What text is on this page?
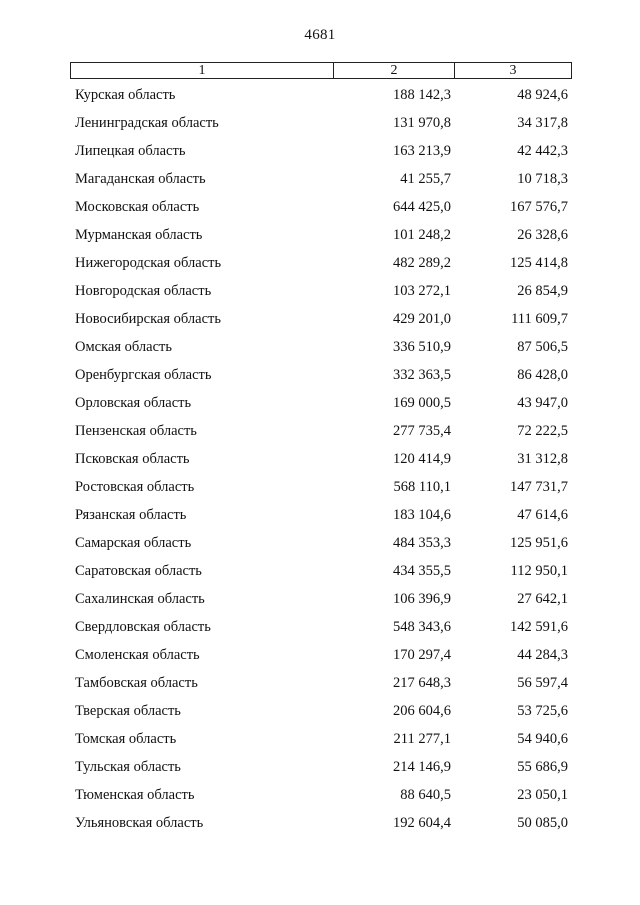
4681
1	2	3
Курская область	188 142,3	48 924,6
Ленинградская область	131 970,8	34 317,8
Липецкая область	163 213,9	42 442,3
Магаданская область	41 255,7	10 718,3
Московская область	644 425,0	167 576,7
Мурманская область	101 248,2	26 328,6
Нижегородская область	482 289,2	125 414,8
Новгородская область	103 272,1	26 854,9
Новосибирская область	429 201,0	111 609,7
Омская область	336 510,9	87 506,5
Оренбургская область	332 363,5	86 428,0
Орловская область	169 000,5	43 947,0
Пензенская область	277 735,4	72 222,5
Псковская область	120 414,9	31 312,8
Ростовская область	568 110,1	147 731,7
Рязанская область	183 104,6	47 614,6
Самарская область	484 353,3	125 951,6
Саратовская область	434 355,5	112 950,1
Сахалинская область	106 396,9	27 642,1
Свердловская область	548 343,6	142 591,6
Смоленская область	170 297,4	44 284,3
Тамбовская область	217 648,3	56 597,4
Тверская область	206 604,6	53 725,6
Томская область	211 277,1	54 940,6
Тульская область	214 146,9	55 686,9
Тюменская область	88 640,5	23 050,1
Ульяновская область	192 604,4	50 085,0
